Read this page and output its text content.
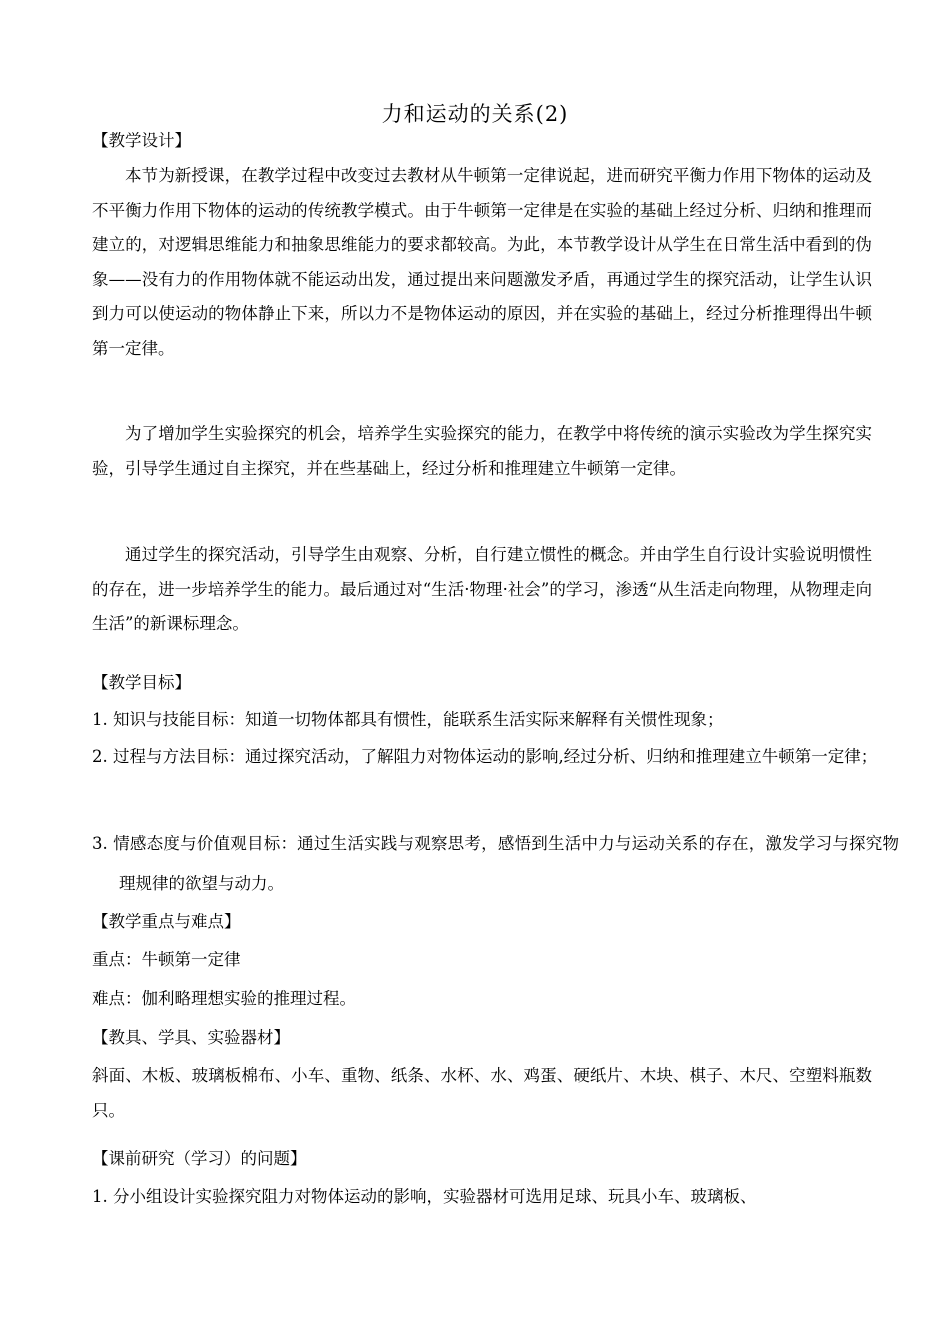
力和运动的关系(2)
【教学设计】
本节为新授课，在教学过程中改变过去教材从牛顿第一定律说起，进而研究平衡力作用下物体的运动及不平衡力作用下物体的运动的传统教学模式。由于牛顿第一定律是在实验的基础上经过分析、归纳和推理而建立的，对逻辑思维能力和抽象思维能力的要求都较高。为此，本节教学设计从学生在日常生活中看到的伪象——没有力的作用物体就不能运动出发，通过提出来问题激发矛盾，再通过学生的探究活动，让学生认识到力可以使运动的物体静止下来，所以力不是物体运动的原因，并在实验的基础上，经过分析推理得出牛顿第一定律。
为了增加学生实验探究的机会，培养学生实验探究的能力，在教学中将传统的演示实验改为学生探究实验，引导学生通过自主探究，并在些基础上，经过分析和推理建立牛顿第一定律。
通过学生的探究活动，引导学生由观察、分析，自行建立惯性的概念。并由学生自行设计实验说明惯性的存在，进一步培养学生的能力。最后通过对“生活·物理·社会”的学习，渗透“从生活走向物理，从物理走向生活”的新课标理念。
【教学目标】
1. 知识与技能目标：知道一切物体都具有惯性，能联系生活实际来解释有关惯性现象；
2. 过程与方法目标：通过探究活动，了解阻力对物体运动的影响,经过分析、归纳和推理建立牛顿第一定律；
3. 情感态度与价值观目标：通过生活实践与观察思考，感悟到生活中力与运动关系的存在，激发学习与探究物理规律的欲望与动力。
【教学重点与难点】
重点：牛顿第一定律
难点：伽利略理想实验的推理过程。
【教具、学具、实验器材】
斜面、木板、玻璃板棉布、小车、重物、纸条、水杯、水、鸡蛋、硬纸片、木块、棋子、木尺、空塑料瓶数只。
【课前研究（学习）的问题】
1. 分小组设计实验探究阻力对物体运动的影响，实验器材可选用足球、玩具小车、玻璃板、
